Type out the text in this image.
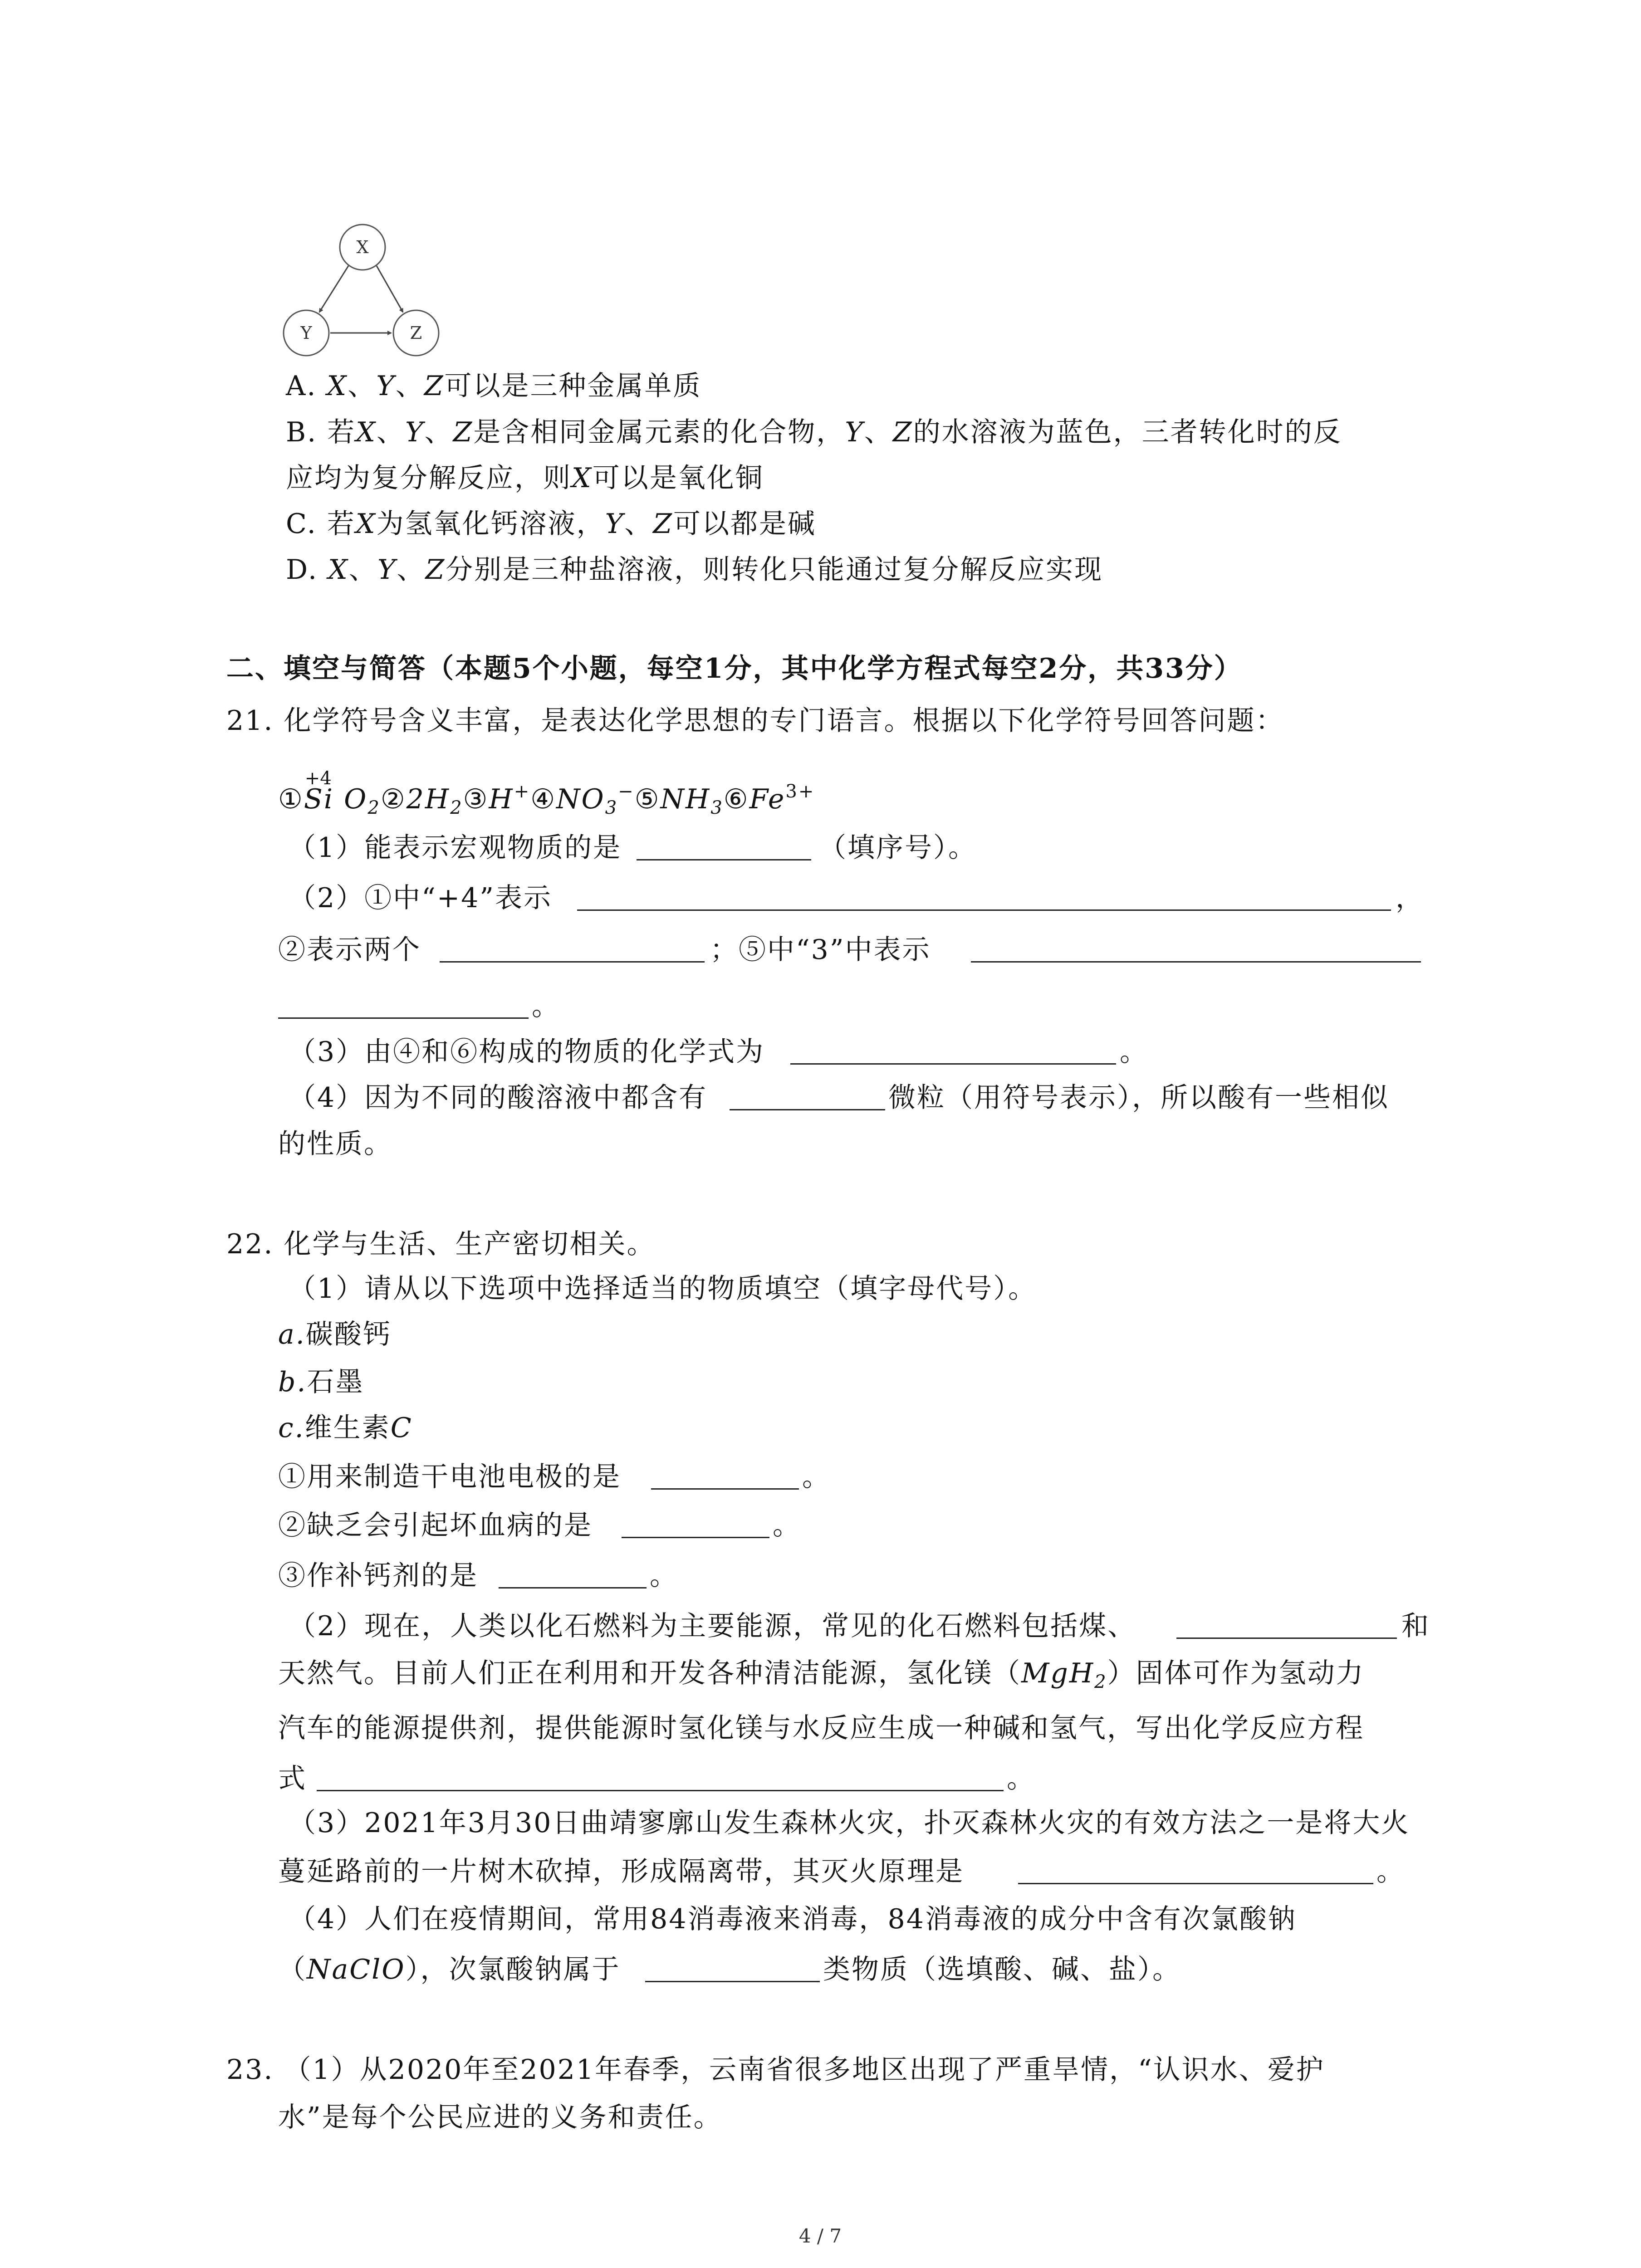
X
Y	Z
A. X、Y、Z可以是三种金属单质
B. 若X、Y、Z是含相同金属元素的化合物，Y、Z的水溶液为蓝色，三者转化时的反
应均为复分解反应，则X可以是氧化铜
C. 若X为氢氧化钙溶液，Y、Z可以都是碱
D. X、Y、Z分别是三种盐溶液，则转化只能通过复分解反应实现
二、填空与简答（本题5个小题，每空1分，其中化学方程式每空2分，共33分）
21. 化学符号含义丰富，是表达化学思想的专门语言。根据以下化学符号回答问题：
①
+4
Si $O_2②2H_2③H^+④NO_3^-⑤NH_3⑥Fe^{3+}$
（1）能表示宏观物质的是	（填序号）。
（2）①中“+4”表示	，
②表示两个	；⑤中“3”中表示
。
（3）由④和⑥构成的物质的化学式为	。
（4）因为不同的酸溶液中都含有	微粒（用符号表示），所以酸有一些相似
的性质。
22. 化学与生活、生产密切相关。
（1）请从以下选项中选择适当的物质填空（填字母代号）。
a.碳酸钙
b.石墨
c.维生素C
①用来制造干电池电极的是	。
②缺乏会引起坏血病的是	。
③作补钙剂的是	。
（2）现在，人类以化石燃料为主要能源，常见的化石燃料包括煤、	和
天然气。目前人们正在利用和开发各种清洁能源，氢化镁（MgH$_2$）固体可作为氢动力
汽车的能源提供剂，提供能源时氢化镁与水反应生成一种碱和氢气，写出化学反应方程
式	。
（3）2021年3月30日曲靖寥廓山发生森林火灾，扑灭森林火灾的有效方法之一是将大火
蔓延路前的一片树木砍掉，形成隔离带，其灭火原理是	。
（4）人们在疫情期间，常用84消毒液来消毒，84消毒液的成分中含有次氯酸钠
（NaClO），次氯酸钠属于	类物质（选填酸、碱、盐）。
23. （1）从2020年至2021年春季，云南省很多地区出现了严重旱情，“认识水、爱护
水”是每个公民应进的义务和责任。
4 / 7
